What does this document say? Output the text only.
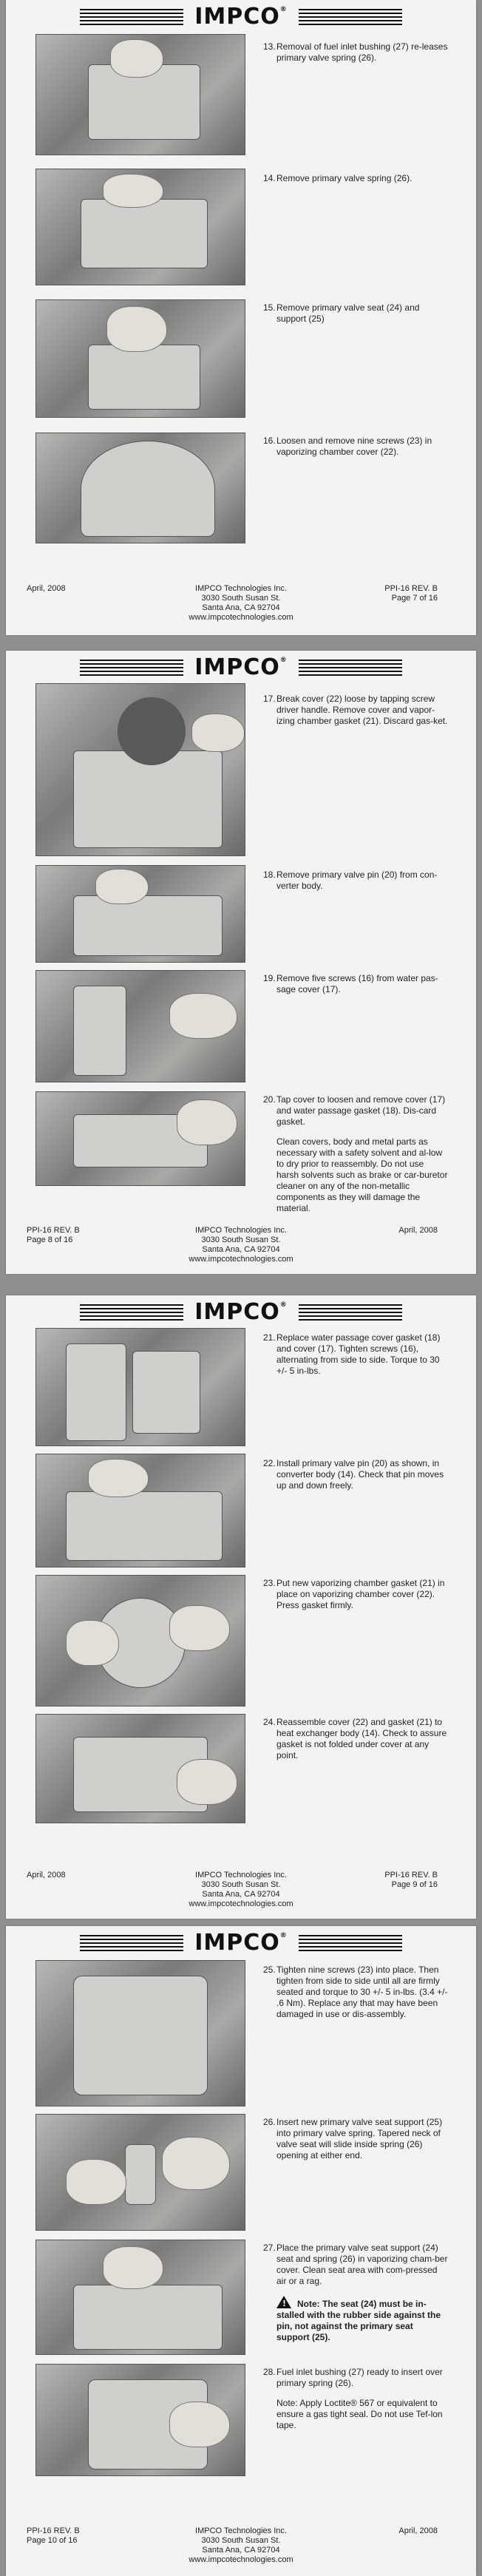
IMPCO®
13. Removal of fuel inlet bushing (27) re-leases primary valve spring (26).

14. Remove primary valve spring (26).

15. Remove primary valve seat (24) and support (25)

16. Loosen and remove nine screws (23) in vaporizing chamber cover (22).

April, 2008	IMPCO Technologies Inc.
3030 South Susan St.
Santa Ana, CA 92704
www.impcotechnologies.com
PPI-16 REV. B
Page 7 of 16
IMPCO®
17. Break cover (22) loose by tapping screw driver handle. Remove cover and vapor-izing chamber gasket (21). Discard gas-ket.

18. Remove primary valve pin (20) from con-verter body.

19. Remove five screws (16) from water pas-sage cover (17).

20. Tap cover to loosen and remove cover (17) and water passage gasket (18). Dis-card gasket.

Clean covers, body and metal parts as necessary with a safety solvent and al-low to dry prior to reassembly. Do not use harsh solvents such as brake or car-buretor cleaner on any of the non-metallic components as they will damage the material.

PPI-16 REV. B
Page 8 of 16
IMPCO Technologies Inc.
3030 South Susan St.
Santa Ana, CA 92704
www.impcotechnologies.com
April, 2008
IMPCO®
21. Replace water passage cover gasket (18) and cover (17). Tighten screws (16), alternating from side to side. Torque to 30 +/- 5 in-lbs.

22. Install primary valve pin (20) as shown, in converter body (14). Check that pin moves up and down freely.

23. Put new vaporizing chamber gasket (21) in place on vaporizing chamber cover (22). Press gasket firmly.

24. Reassemble cover (22) and gasket (21) to heat exchanger body (14). Check to assure gasket is not folded under cover at any point.

April, 2008	IMPCO Technologies Inc.
3030 South Susan St.
Santa Ana, CA 92704
www.impcotechnologies.com
PPI-16 REV. B
Page 9 of 16
IMPCO®
25. Tighten nine screws (23) into place. Then tighten from side to side until all are firmly seated and torque to 30 +/- 5 in-lbs. (3.4 +/- .6 Nm). Replace any that may have been damaged in use or dis-assembly.

26. Insert new primary valve seat support (25) into primary valve spring. Tapered neck of valve seat will slide inside spring (26) opening at either end.

27. Place the primary valve seat support (24) seat and spring (26) in vaporizing cham-ber cover. Clean seat area with com-pressed air or a rag.

!Note: The seat (24) must be in-stalled with the rubber side against the pin, not against the primary seat support (25).

28. Fuel inlet bushing (27) ready to insert over primary spring (26).

Note: Apply Loctite® 567 or equivalent to ensure a gas tight seal. Do not use Tef-lon tape.

PPI-16 REV. B
Page 10 of 16
IMPCO Technologies Inc.
3030 South Susan St.
Santa Ana, CA 92704
www.impcotechnologies.com
April, 2008
